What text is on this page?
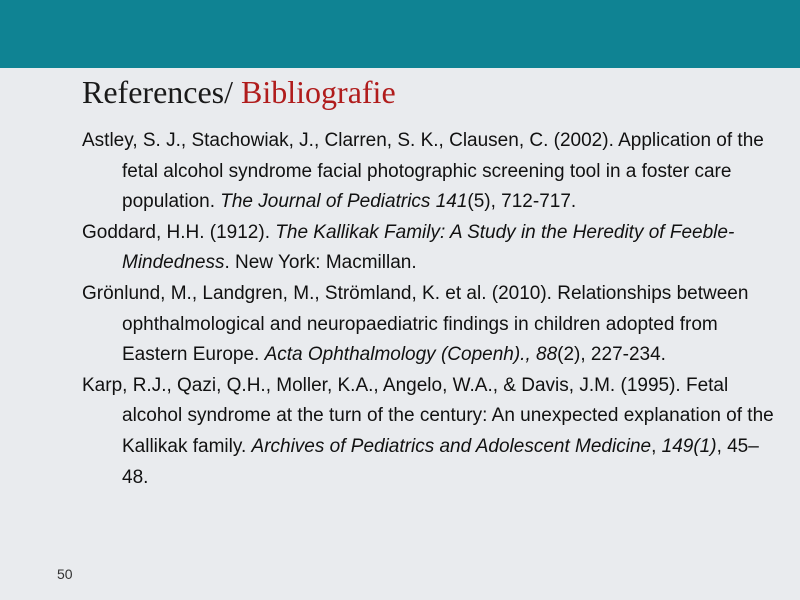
References/ Bibliografie
Astley, S. J., Stachowiak, J., Clarren, S. K., Clausen, C. (2002). Application of the fetal alcohol syndrome facial photographic screening tool in a foster care population. The Journal of Pediatrics 141(5), 712-717.
Goddard, H.H. (1912). The Kallikak Family: A Study in the Heredity of Feeble-Mindedness. New York: Macmillan.
Grönlund, M., Landgren, M., Strömland, K. et al. (2010). Relationships between ophthalmological and neuropaediatric findings in children adopted from Eastern Europe. Acta Ophthalmology (Copenh)., 88(2), 227-234.
Karp, R.J., Qazi, Q.H., Moller, K.A., Angelo, W.A., & Davis, J.M. (1995). Fetal alcohol syndrome at the turn of the century: An unexpected explanation of the Kallikak family. Archives of Pediatrics and Adolescent Medicine, 149(1), 45–48.
50
